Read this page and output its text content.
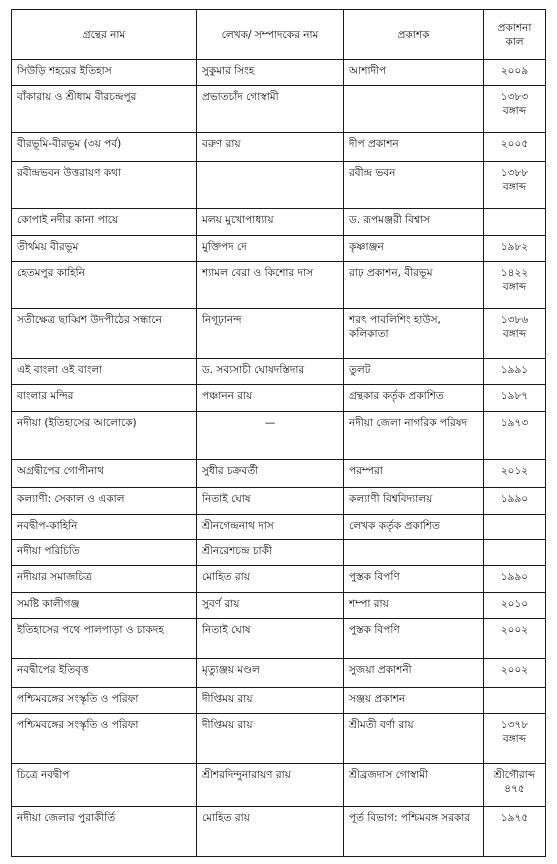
গ্রন্থের নাম	লেখক/ সম্পাদকের নাম	প্রকাশক	প্রকাশনা কাল
সিউড়ি শহরের ইতিহাস	সুকুমার সিংহ	আশাদীপ	২০০৯
বাঁকারায় ও শ্রীধাম বীরচন্দ্রপুর	প্রভাতচাঁদ গোস্বামী		১৩৮৩ বঙ্গাব্দ
বীরভূমি-বীরভূম (৩য় পর্ব)	বরুণ রায়	দীপ প্রকাশন	২০০৫
রবীন্দ্রভবন উত্তরায়ণ কথা		রবীন্দ্র ভবন	১৩৮৮ বঙ্গাব্দ
কোপাই নদীর কানা পায়ে	মলয় মুখোপাধ্যায়	ড. রূপমঞ্জরী বিশ্বাস	
তীর্থময় বীরভূম	মুক্তিপদ দে	কৃষ্ণাঞ্জন	১৯৮২
হেতমপুর কাহিনি	শ্যামল বেরা ও কিশোর দাস	রাঢ় প্রকাশন, বীরভূম	১৪২২ বঙ্গাব্দ
সতীক্ষেত্র ছাব্বিশ উদপীঠের সন্ধানে	নিগূঢ়ানন্দ	শরৎ পাবলিশিং হাউস, কলিকাতা	১৩৮৬ বঙ্গাব্দ
এই বাংলা ওই বাংলা	ড. সব্যসাচী ঘোষদস্তিদার	তুলট	১৯৯১
বাংলার মন্দির	পঞ্চানন রায়	গ্রন্থকার কর্তৃক প্রকাশিত	১৯৮৭
নদীয়া (ইতিহাসের আলোকে)	—	নদীয়া জেলা নাগরিক পরিষদ	১৯৭৩
অগ্রদ্বীপের গোপীনাথ	সুধীর চক্রবর্তী	পরম্পরা	২০১২
কল্যাণী: সেকাল ও একাল	নিতাই ঘোষ	কল্যাণী বিশ্ববিদ্যালয়	১৯৯০
নবদ্বীপ-কাহিনি	শ্রীনগেন্দ্রনাথ দাস	লেখক কর্তৃক প্রকাশিত	
নদীয়া পরিচিতি	শ্রীনরেশচন্দ্র চাকী		
নদীয়ার সমাজচিত্র	মোহিত রায়	পুস্তক বিপণি	১৯৯০
সমষ্টি কালীগঞ্জ	সুবর্ণ রায়	শম্পা রায়	২০১০
ইতিহাসের পথে পালপাড়া ও চাকদহ	নিতাই ঘোষ	পুস্তক বিপণি	২০০২
নবদ্বীপের ইতিবৃত্ত	মৃত্যুঞ্জয় মণ্ডল	সুজয়া প্রকাশনী	২০০২
পশ্চিমবঙ্গের সংস্কৃতি ও পরিফা	দীপ্তিময় রায়	সঞ্জয় প্রকাশন	
পশ্চিমবঙ্গের সংস্কৃতি ও পরিফা	দীপ্তিময় রায়	শ্রীমতী বর্ণা রায়	১৩৭৮ বঙ্গাব্দ
চিত্রে নবদ্বীপ	শ্রীশরদিন্দুনারায়ণ রায়	শ্রীব্রজদাস গোস্বামী	শ্রীগৌরাব্দ ৪৭৫
নদীয়া জেলার পুরাকীর্তি	মোহিত রায়	পূর্ত বিভাগ: পশ্চিমবঙ্গ সরকার	১৯৭৫
